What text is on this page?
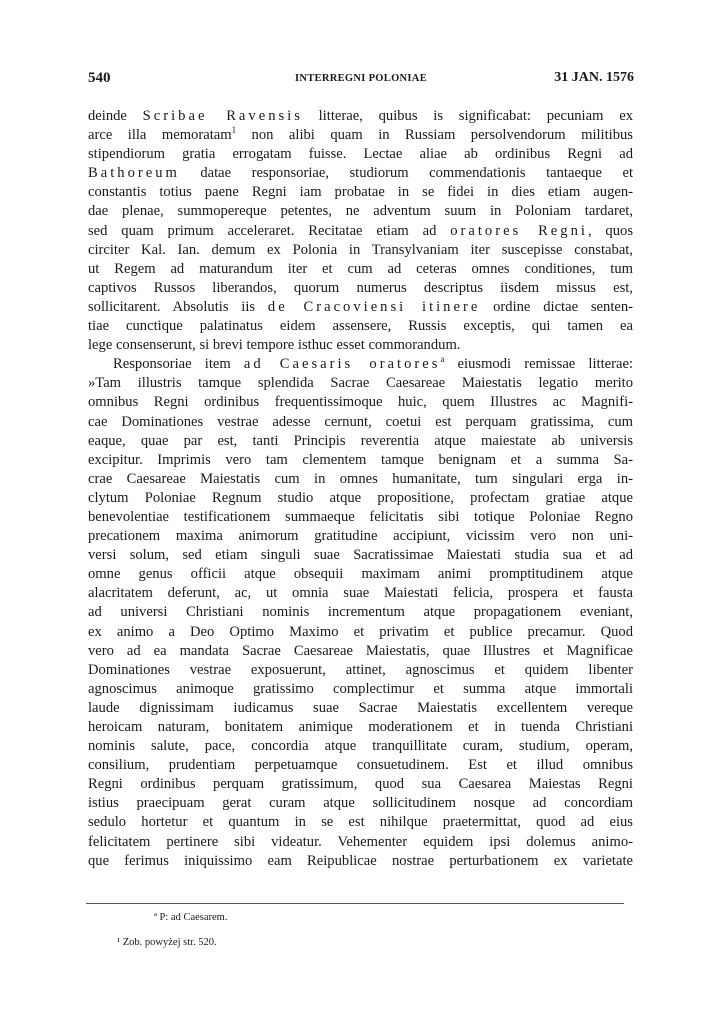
540	INTERREGNI POLONIAE	31 JAN. 1576
deinde Scribae Ravensis litterae, quibus is significabat: pecuniam ex
arce illa memoratam$^1$ non alibi quam in Russiam persolvendorum militibus
stipendiorum gratia errogatam fuisse. Lectae aliae ab ordinibus Regni ad
Bathoreum datae responsoriae, studiorum commendationis tantaeque et
constantis totius paene Regni iam probatae in se fidei in dies etiam augen-
dae plenae, summopereque petentes, ne adventum suum in Poloniam tardaret,
sed quam primum acceleraret. Recitatae etiam ad oratores Regni, quos
circiter Kal. Ian. demum ex Polonia in Transylvaniam iter suscepisse constabat,
ut Regem ad maturandum iter et cum ad ceteras omnes conditiones, tum
captivos Russos liberandos, quorum numerus descriptus iisdem missus est,
sollicitarent. Absolutis iis de Cracoviensi itinere ordine dictae senten-
tiae cunctique palatinatus eidem assensere, Russis exceptis, qui tamen ea
lege consenserunt, si brevi tempore isthuc esset commorandum.
Responsoriae item ad Caesaris oratores$^a$ eiusmodi remissae litterae:
»Tam illustris tamque splendida Sacrae Caesareae Maiestatis legatio merito
omnibus Regni ordinibus frequentissimoque huic, quem Illustres ac Magnifi-
cae Dominationes vestrae adesse cernunt, coetui est perquam gratissima, cum
eaque, quae par est, tanti Principis reverentia atque maiestate ab universis
excipitur. Imprimis vero tam clementem tamque benignam et a summa Sa-
crae Caesareae Maiestatis cum in omnes humanitate, tum singulari erga in-
clytum Poloniae Regnum studio atque propositione, profectam gratiae atque
benevolentiae testificationem summaeque felicitatis sibi totique Poloniae Regno
precationem maxima animorum gratitudine accipiunt, vicissim vero non uni-
versi solum, sed etiam singuli suae Sacratissimae Maiestati studia sua et ad
omne genus officii atque obsequii maximam animi promptitudinem atque
alacritatem deferunt, ac, ut omnia suae Maiestati felicia, prospera et fausta
ad universi Christiani nominis incrementum atque propagationem eveniant,
ex animo a Deo Optimo Maximo et privatim et publice precamur. Quod
vero ad ea mandata Sacrae Caesareae Maiestatis, quae Illustres et Magnificae
Dominationes vestrae exposuerunt, attinet, agnoscimus et quidem libenter
agnoscimus animoque gratissimo complectimur et summa atque immortali
laude dignissimam iudicamus suae Sacrae Maiestatis excellentem vereque
heroicam naturam, bonitatem animique moderationem et in tuenda Christiani
nominis salute, pace, concordia atque tranquillitate curam, studium, operam,
consilium, prudentiam perpetuamque consuetudinem. Est et illud omnibus
Regni ordinibus perquam gratissimum, quod sua Caesarea Maiestas Regni
istius praecipuam gerat curam atque sollicitudinem nosque ad concordiam
sedulo hortetur et quantum in se est nihilque praetermittat, quod ad eius
felicitatem pertinere sibi videatur. Vehementer equidem ipsi dolemus animo-
que ferimus iniquissimo eam Reipublicae nostrae perturbationem ex varietate
ª P: ad Caesarem.
¹ Zob. powyżej str. 520.
